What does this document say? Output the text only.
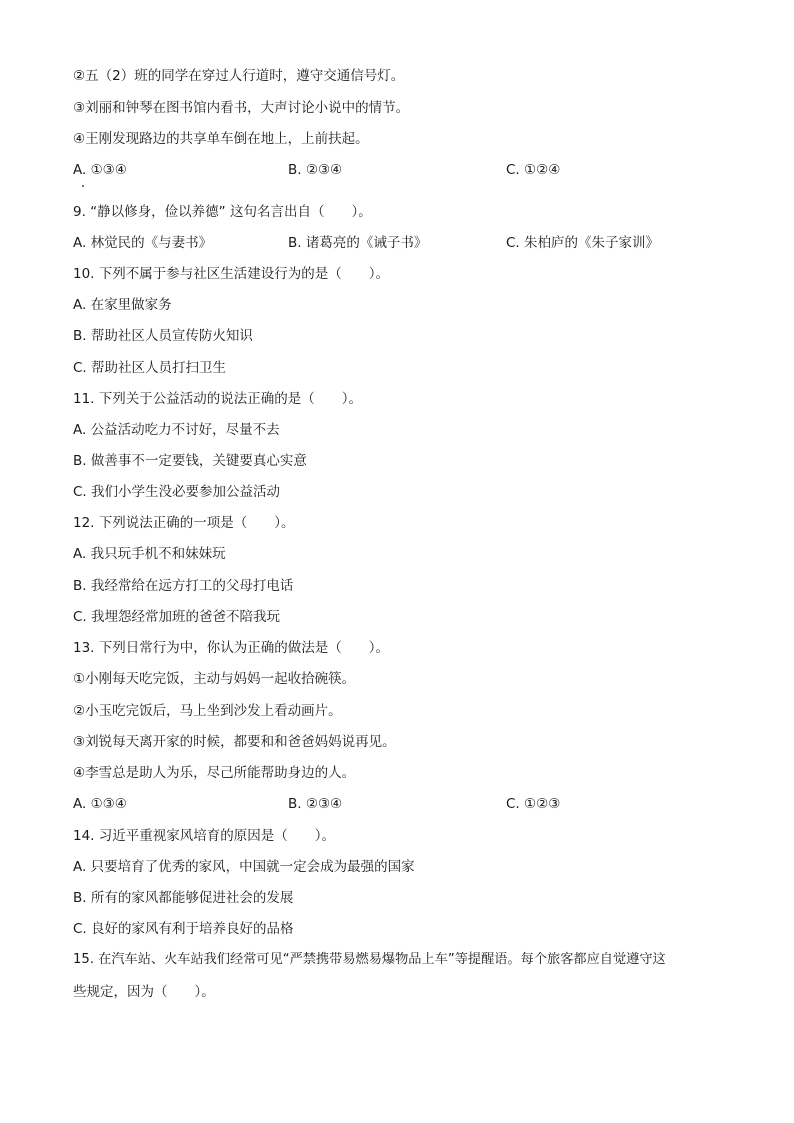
②五（2）班的同学在穿过人行道时，遵守交通信号灯。
③刘丽和钟琴在图书馆内看书，大声讨论小说中的情节。
④王刚发现路边的共享单车倒在地上，上前扶起。
A. ①③④	B. ②③④	C. ①②④
9. “静以修身，俭以养德” 这句名言出自（　　）。
A. 林觉民的《与妻书》	B. 诸葛亮的《诫子书》	C. 朱柏庐的《朱子家训》
10. 下列不属于参与社区生活建设行为的是（　　）。
A. 在家里做家务
B. 帮助社区人员宣传防火知识
C. 帮助社区人员打扫卫生
11. 下列关于公益活动的说法正确的是（　　）。
A. 公益活动吃力不讨好，尽量不去
B. 做善事不一定要钱，关键要真心实意
C. 我们小学生没必要参加公益活动
12. 下列说法正确的一项是（　　）。
A. 我只玩手机不和妹妹玩
B. 我经常给在远方打工的父母打电话
C. 我埋怨经常加班的爸爸不陪我玩
13. 下列日常行为中，你认为正确的做法是（　　）。
①小刚每天吃完饭，主动与妈妈一起收拾碗筷。
②小玉吃完饭后，马上坐到沙发上看动画片。
③刘锐每天离开家的时候，都要和和爸爸妈妈说再见。
④李雪总是助人为乐，尽己所能帮助身边的人。
A. ①③④	B. ②③④	C. ①②③
14. 习近平重视家风培育的原因是（　　）。
A. 只要培育了优秀的家风，中国就一定会成为最强的国家
B. 所有的家风都能够促进社会的发展
C. 良好的家风有利于培养良好的品格
15. 在汽车站、火车站我们经常可见“严禁携带易燃易爆物品上车”等提醒语。每个旅客都应自觉遵守这
些规定，因为（　　）。
